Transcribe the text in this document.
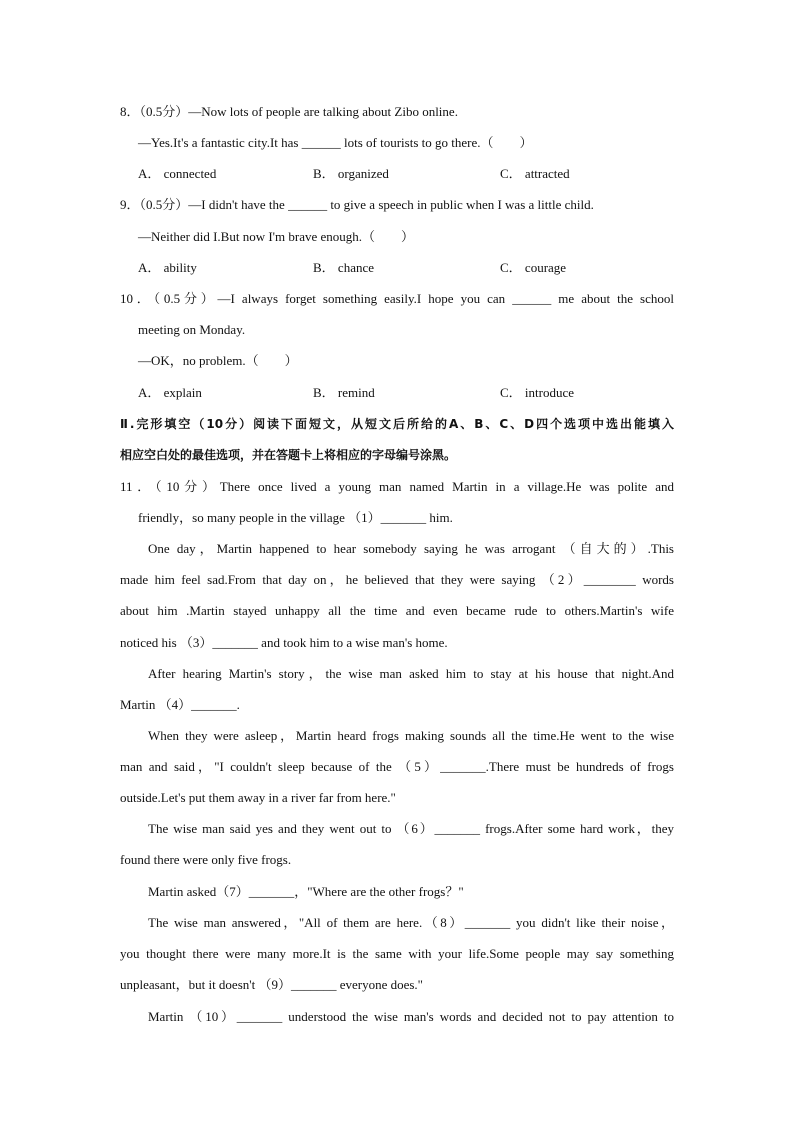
8．（0.5分）—Now lots of people are talking about Zibo online.
—Yes.It's a fantastic city.It has ______ lots of tourists to go there.（　　）
A． connected	B． organized	C． attracted
9．（0.5分）—I didn't have the ______ to give a speech in public when I was a little child.
—Neither did I.But now I'm brave enough.（　　）
A． ability	B． chance	C． courage
10．（0.5分）—I always forget something easily.I hope you can ______ me about the school
meeting on Monday.
—OK，no problem.（　　）
A． explain	B． remind	C． introduce
Ⅱ.完形填空（10分）阅读下面短文，从短文后所给的A、B、C、D四个选项中选出能填入
相应空白处的最佳选项，并在答题卡上将相应的字母编号涂黑。
11．（10分）There once lived a young man named Martin in a village.He was polite and
friendly，so many people in the village （1）_______ him.
One day，Martin happened to hear somebody saying he was arrogant （自大的）.This
made him feel sad.From that day on，he believed that they were saying （2）________ words
about him .Martin stayed unhappy all the time and even became rude to others.Martin's wife
noticed his （3）_______ and took him to a wise man's home.
After hearing Martin's story，the wise man asked him to stay at his house that night.And
Martin （4）_______.
When they were asleep，Martin heard frogs making sounds all the time.He went to the wise
man and said，"I couldn't sleep because of the （5）_______.There must be hundreds of frogs
outside.Let's put them away in a river far from here."
The wise man said yes and they went out to （6）_______ frogs.After some hard work，they
found there were only five frogs.
Martin asked（7）_______，"Where are the other frogs？"
The wise man answered，"All of them are here.（8）_______ you didn't like their noise，
you thought there were many more.It is the same with your life.Some people may say something
unpleasant，but it doesn't （9）_______ everyone does."
Martin （10）_______ understood the wise man's words and decided not to pay attention to
